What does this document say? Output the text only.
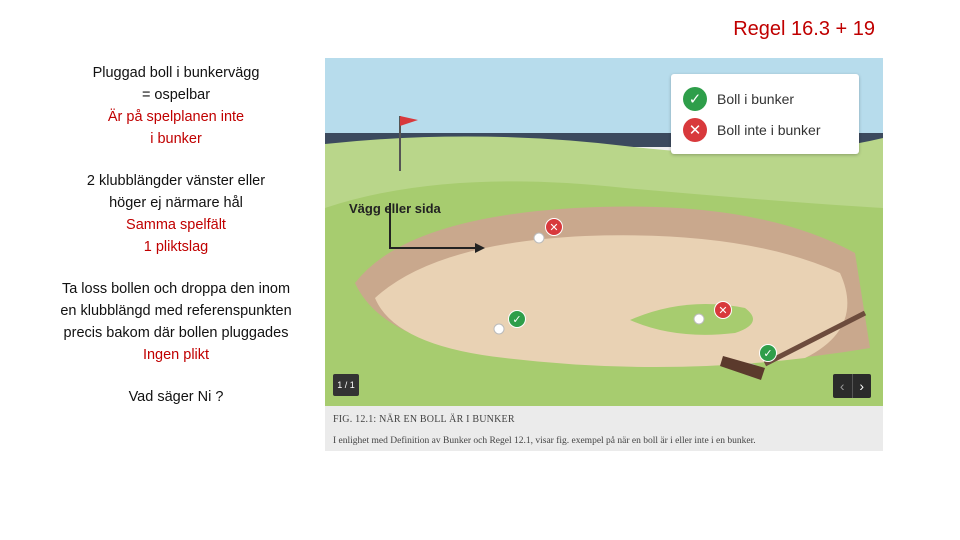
Regel 16.3 + 19
Pluggad boll i bunkervägg
= ospelbar
Är på spelplanen inte
i bunker
2 klubblängder vänster eller
höger ej närmare hål
Samma spelfält
1 pliktslag
Ta loss bollen och droppa den inom
en klubblängd med referenspunkten
precis bakom där bollen pluggades
Ingen plikt
Vad säger Ni ?
✓	Boll i bunker
✕	Boll inte i bunker
Vägg eller sida
✕
✓
✕
✓
1 / 1	‹	›
FIG. 12.1: NÄR EN BOLL ÄR I BUNKER
I enlighet med Definition av Bunker och Regel 12.1, visar fig. exempel på när en boll är i eller inte i en bunker.
